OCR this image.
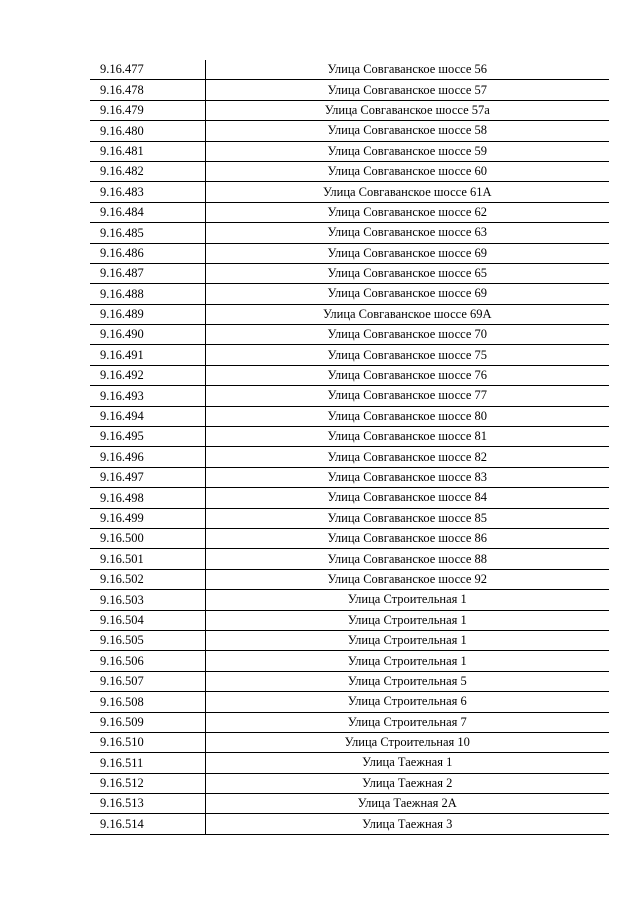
9.16.477	Улица Совгаванское шоссе 56
9.16.478	Улица Совгаванское шоссе 57
9.16.479	Улица Совгаванское шоссе 57а
9.16.480	Улица Совгаванское шоссе 58
9.16.481	Улица Совгаванское шоссе 59
9.16.482	Улица Совгаванское шоссе 60
9.16.483	Улица Совгаванское шоссе 61А
9.16.484	Улица Совгаванское шоссе 62
9.16.485	Улица Совгаванское шоссе 63
9.16.486	Улица Совгаванское шоссе 69
9.16.487	Улица Совгаванское шоссе 65
9.16.488	Улица Совгаванское шоссе 69
9.16.489	Улица Совгаванское шоссе 69А
9.16.490	Улица Совгаванское шоссе 70
9.16.491	Улица Совгаванское шоссе 75
9.16.492	Улица Совгаванское шоссе 76
9.16.493	Улица Совгаванское шоссе 77
9.16.494	Улица Совгаванское шоссе 80
9.16.495	Улица Совгаванское шоссе 81
9.16.496	Улица Совгаванское шоссе 82
9.16.497	Улица Совгаванское шоссе 83
9.16.498	Улица Совгаванское шоссе 84
9.16.499	Улица Совгаванское шоссе 85
9.16.500	Улица Совгаванское шоссе 86
9.16.501	Улица Совгаванское шоссе 88
9.16.502	Улица Совгаванское шоссе 92
9.16.503	Улица Строительная 1
9.16.504	Улица Строительная 1
9.16.505	Улица Строительная 1
9.16.506	Улица Строительная 1
9.16.507	Улица Строительная 5
9.16.508	Улица Строительная 6
9.16.509	Улица Строительная 7
9.16.510	Улица Строительная 10
9.16.511	Улица Таежная 1
9.16.512	Улица Таежная 2
9.16.513	Улица Таежная 2А
9.16.514	Улица Таежная 3
